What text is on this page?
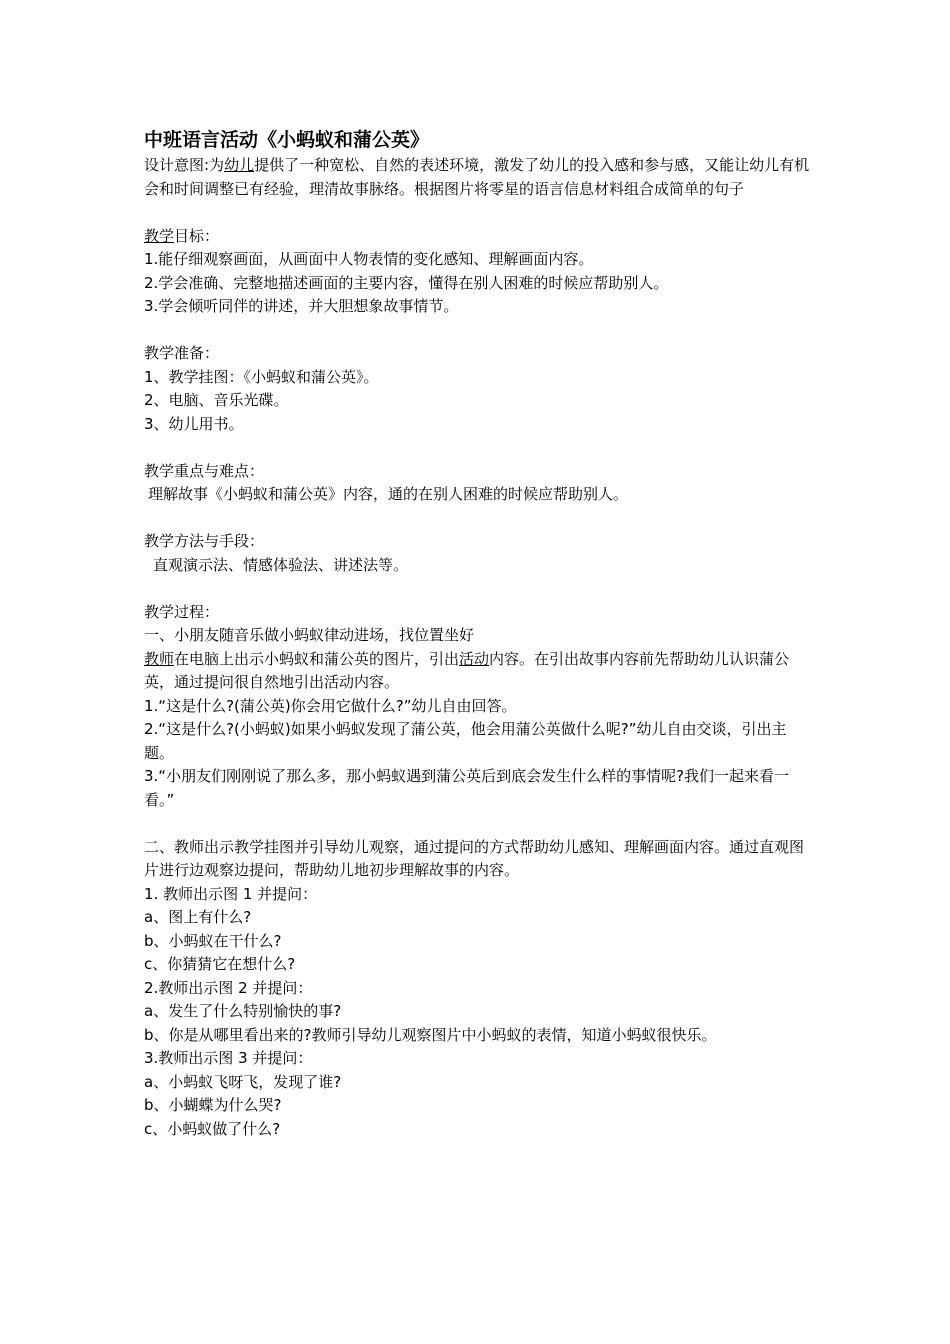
中班语言活动《小蚂蚁和蒲公英》

设计意图:为幼儿提供了一种宽松、自然的表述环境，激发了幼儿的投入感和参与感，又能让幼儿有机会和时间调整已有经验，理清故事脉络。根据图片将零星的语言信息材料组合成简单的句子

教学目标：

1.能仔细观察画面，从画面中人物表情的变化感知、理解画面内容。

2.学会准确、完整地描述画面的主要内容，懂得在别人困难的时候应帮助别人。

3.学会倾听同伴的讲述，并大胆想象故事情节。

教学准备：

1、教学挂图：《小蚂蚁和蒲公英》。

2、电脑、音乐光碟。

3、幼儿用书。

教学重点与难点：

理解故事《小蚂蚁和蒲公英》内容，通的在别人困难的时候应帮助别人。

教学方法与手段：

直观演示法、情感体验法、讲述法等。

教学过程：

一、小朋友随音乐做小蚂蚁律动进场，找位置坐好

教师在电脑上出示小蚂蚁和蒲公英的图片，引出活动内容。在引出故事内容前先帮助幼儿认识蒲公英，通过提问很自然地引出活动内容。

1.“这是什么?(蒲公英)你会用它做什么?”幼儿自由回答。

2.“这是什么?(小蚂蚁)如果小蚂蚁发现了蒲公英，他会用蒲公英做什么呢?”幼儿自由交谈，引出主题。

3.“小朋友们刚刚说了那么多，那小蚂蚁遇到蒲公英后到底会发生什么样的事情呢?我们一起来看一看。”

二、教师出示教学挂图并引导幼儿观察，通过提问的方式帮助幼儿感知、理解画面内容。通过直观图片进行边观察边提问，帮助幼儿地初步理解故事的内容。

1. 教师出示图 1 并提问：

a、图上有什么?

b、小蚂蚁在干什么?

c、你猜猜它在想什么?

2.教师出示图 2 并提问：

a、发生了什么特别愉快的事?

b、你是从哪里看出来的?教师引导幼儿观察图片中小蚂蚁的表情，知道小蚂蚁很快乐。

3.教师出示图 3 并提问：

a、小蚂蚁飞呀飞，发现了谁?

b、小蝴蝶为什么哭?

c、小蚂蚁做了什么?
